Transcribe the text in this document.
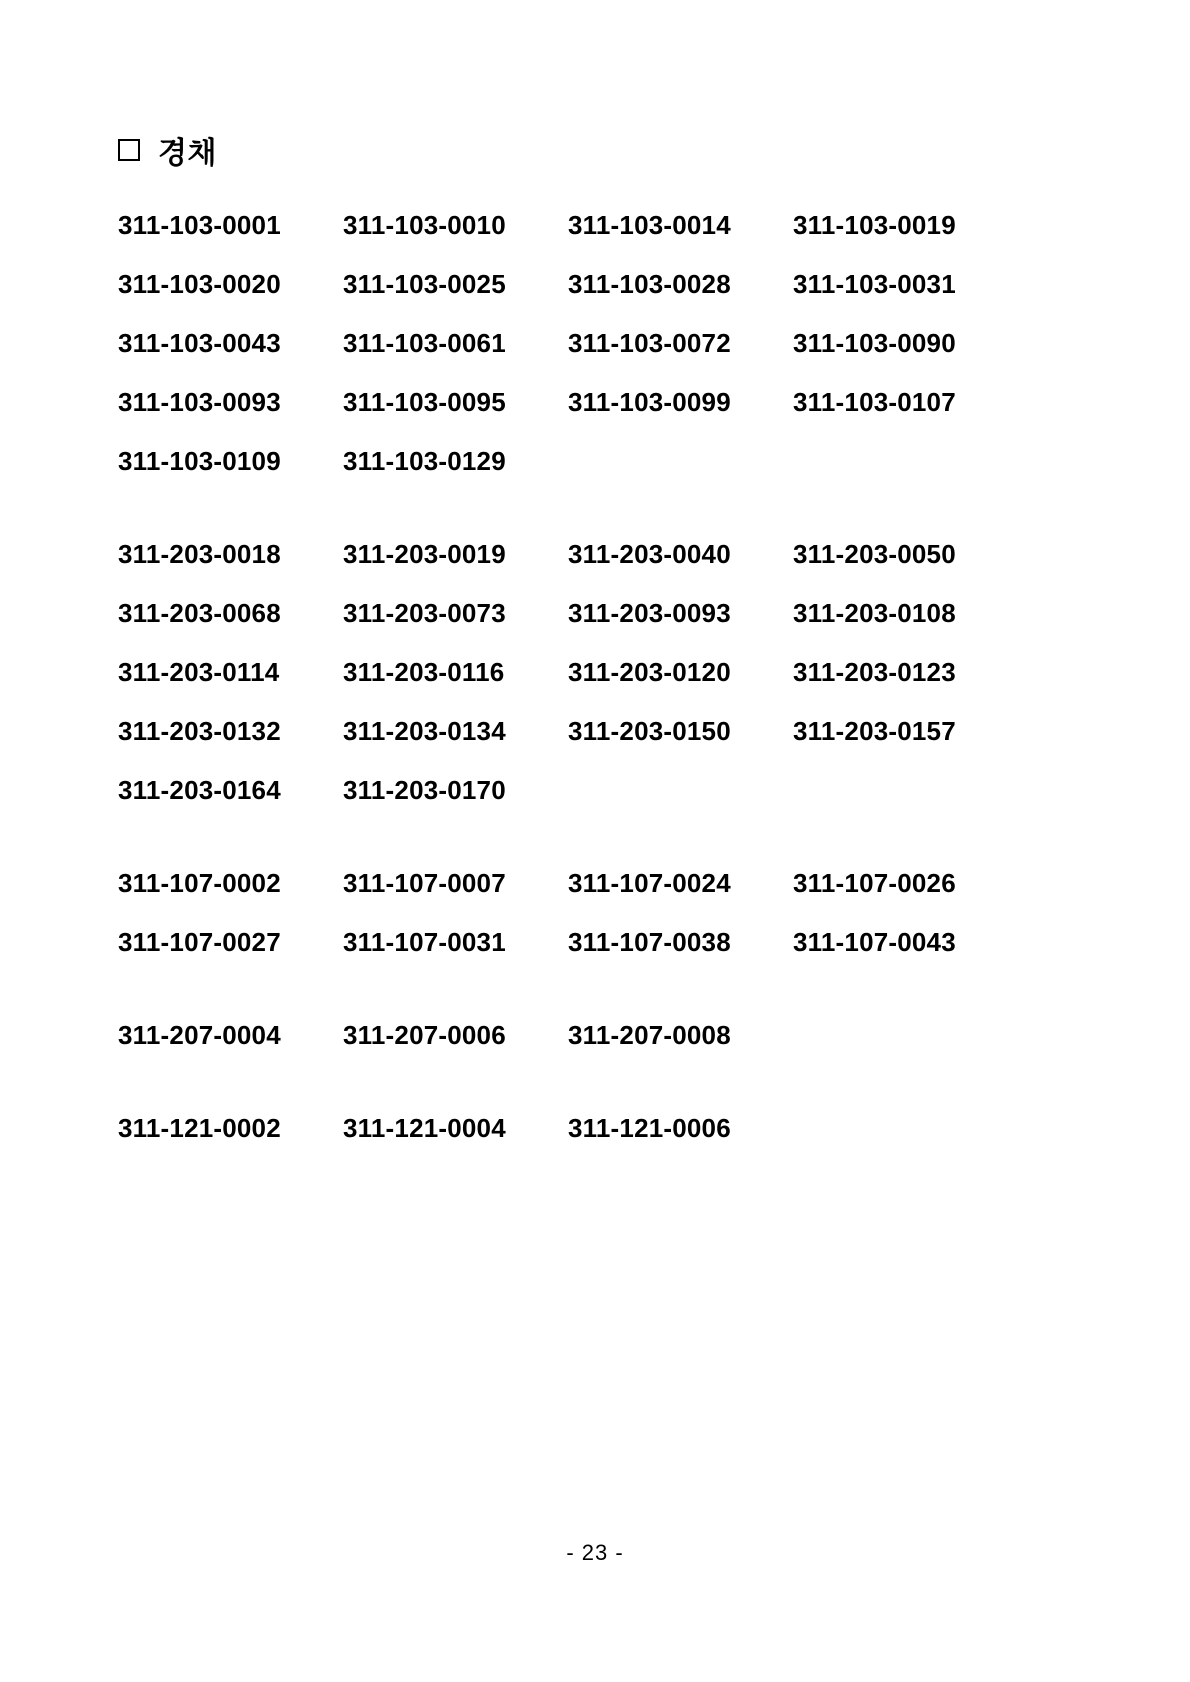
경채
311-103-0001	311-103-0010	311-103-0014	311-103-0019
311-103-0020	311-103-0025	311-103-0028	311-103-0031
311-103-0043	311-103-0061	311-103-0072	311-103-0090
311-103-0093	311-103-0095	311-103-0099	311-103-0107
311-103-0109	311-103-0129
311-203-0018	311-203-0019	311-203-0040	311-203-0050
311-203-0068	311-203-0073	311-203-0093	311-203-0108
311-203-0114	311-203-0116	311-203-0120	311-203-0123
311-203-0132	311-203-0134	311-203-0150	311-203-0157
311-203-0164	311-203-0170
311-107-0002	311-107-0007	311-107-0024	311-107-0026
311-107-0027	311-107-0031	311-107-0038	311-107-0043
311-207-0004	311-207-0006	311-207-0008
311-121-0002	311-121-0004	311-121-0006
- 23 -
